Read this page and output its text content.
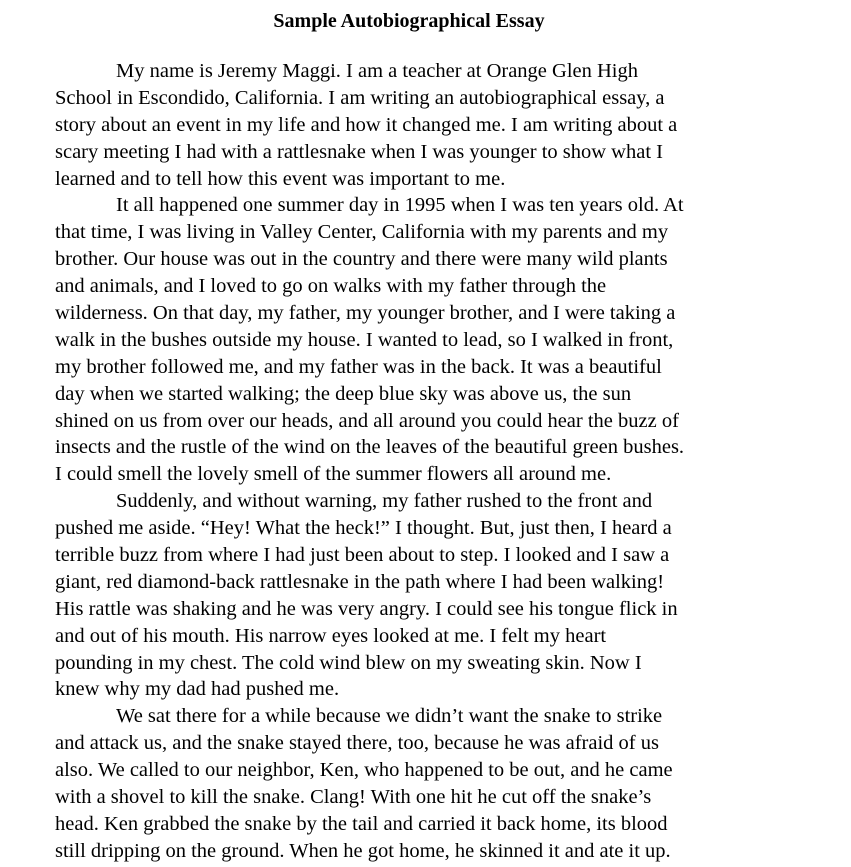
Sample Autobiographical Essay
My name is Jeremy Maggi. I am a teacher at Orange Glen High
School in Escondido, California. I am writing an autobiographical essay, a
story about an event in my life and how it changed me. I am writing about a
scary meeting I had with a rattlesnake when I was younger to show what I
learned and to tell how this event was important to me.
It all happened one summer day in 1995 when I was ten years old. At
that time, I was living in Valley Center, California with my parents and my
brother. Our house was out in the country and there were many wild plants
and animals, and I loved to go on walks with my father through the
wilderness. On that day, my father, my younger brother, and I were taking a
walk in the bushes outside my house. I wanted to lead, so I walked in front,
my brother followed me, and my father was in the back. It was a beautiful
day when we started walking; the deep blue sky was above us, the sun
shined on us from over our heads, and all around you could hear the buzz of
insects and the rustle of the wind on the leaves of the beautiful green bushes.
I could smell the lovely smell of the summer flowers all around me.
Suddenly, and without warning, my father rushed to the front and
pushed me aside. “Hey! What the heck!” I thought. But, just then, I heard a
terrible buzz from where I had just been about to step. I looked and I saw a
giant, red diamond-back rattlesnake in the path where I had been walking!
His rattle was shaking and he was very angry. I could see his tongue flick in
and out of his mouth. His narrow eyes looked at me. I felt my heart
pounding in my chest. The cold wind blew on my sweating skin. Now I
knew why my dad had pushed me.
We sat there for a while because we didn’t want the snake to strike
and attack us, and the snake stayed there, too, because he was afraid of us
also. We called to our neighbor, Ken, who happened to be out, and he came
with a shovel to kill the snake. Clang! With one hit he cut off the snake’s
head. Ken grabbed the snake by the tail and carried it back home, its blood
still dripping on the ground. When he got home, he skinned it and ate it up.
